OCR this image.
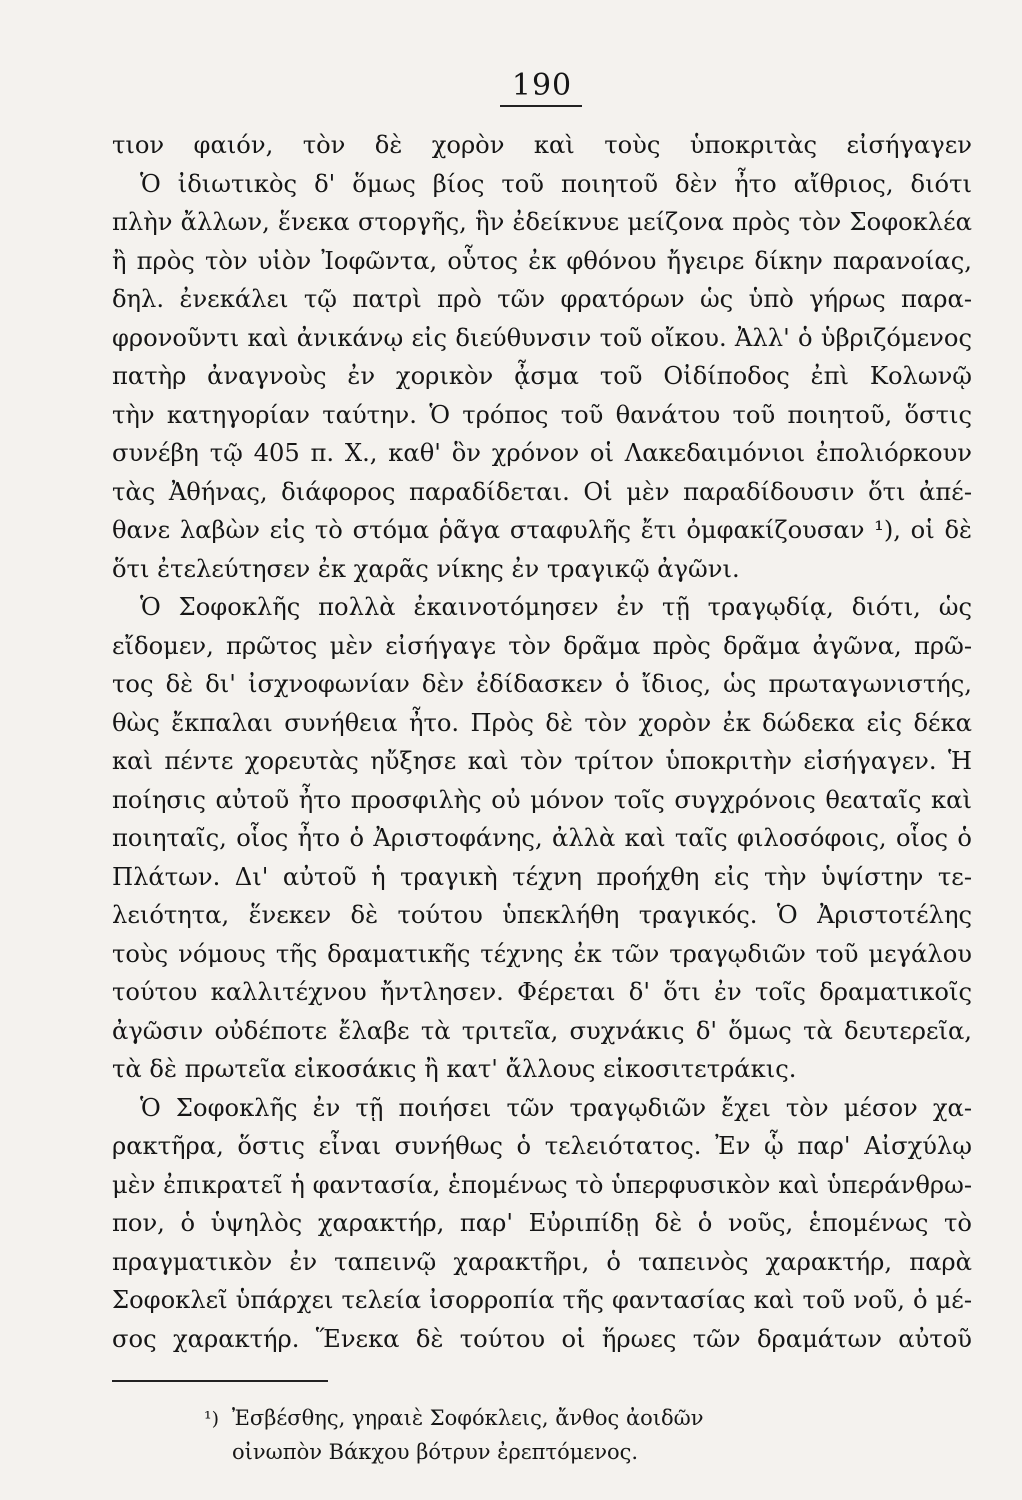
190
τιον φαιόν, τὸν δὲ χορὸν καὶ τοὺς ὑποκριτὰς εἰσήγαγεν
Ὁ ἰδιωτικὸς δ' ὅμως βίος τοῦ ποιητοῦ δὲν ἦτο αἴθριος, διότι
πλὴν ἄλλων, ἕνεκα στοργῆς, ἣν ἐδείκνυε μείζονα πρὸς τὸν Σοφοκλέα
ἢ πρὸς τὸν υἱὸν Ἰοφῶντα, οὗτος ἐκ φθόνου ἤγειρε δίκην παρανοίας,
δηλ. ἐνεκάλει τῷ πατρὶ πρὸ τῶν φρατόρων ὡς ὑπὸ γήρως παρα-
φρονοῦντι καὶ ἀνικάνῳ εἰς διεύθυνσιν τοῦ οἴκου. Ἀλλ' ὁ ὑβριζόμενος
πατὴρ ἀναγνοὺς ἐν χορικὸν ᾆσμα τοῦ Οἰδίποδος ἐπὶ Κολωνῷ
τὴν κατηγορίαν ταύτην. Ὁ τρόπος τοῦ θανάτου τοῦ ποιητοῦ, ὅστις
συνέβη τῷ 405 π. Χ., καθ' ὃν χρόνον οἱ Λακεδαιμόνιοι ἐπολιόρκουν
τὰς Ἀθήνας, διάφορος παραδίδεται. Οἱ μὲν παραδίδουσιν ὅτι ἀπέ-
θανε λαβὼν εἰς τὸ στόμα ῥᾶγα σταφυλῆς ἔτι ὀμφακίζουσαν ¹), οἱ δὲ
ὅτι ἐτελεύτησεν ἐκ χαρᾶς νίκης ἐν τραγικῷ ἀγῶνι.
Ὁ Σοφοκλῆς πολλὰ ἐκαινοτόμησεν ἐν τῇ τραγῳδίᾳ, διότι, ὡς
εἴδομεν, πρῶτος μὲν εἰσήγαγε τὸν δρᾶμα πρὸς δρᾶμα ἀγῶνα, πρῶ-
τος δὲ δι' ἰσχνοφωνίαν δὲν ἐδίδασκεν ὁ ἴδιος, ὡς πρωταγωνιστής,
θὼς ἔκπαλαι συνήθεια ἦτο. Πρὸς δὲ τὸν χορὸν ἐκ δώδεκα εἰς δέκα
καὶ πέντε χορευτὰς ηὔξησε καὶ τὸν τρίτον ὑποκριτὴν εἰσήγαγεν. Ἡ
ποίησις αὐτοῦ ἦτο προσφιλὴς οὐ μόνον τοῖς συγχρόνοις θεαταῖς καὶ
ποιηταῖς, οἷος ἦτο ὁ Ἀριστοφάνης, ἀλλὰ καὶ ταῖς φιλοσόφοις, οἷος ὁ
Πλάτων. Δι' αὐτοῦ ἡ τραγικὴ τέχνη προήχθη εἰς τὴν ὑψίστην τε-
λειότητα, ἕνεκεν δὲ τούτου ὑπεκλήθη τραγικός. Ὁ Ἀριστοτέλης
τοὺς νόμους τῆς δραματικῆς τέχνης ἐκ τῶν τραγῳδιῶν τοῦ μεγάλου
τούτου καλλιτέχνου ἤντλησεν. Φέρεται δ' ὅτι ἐν τοῖς δραματικοῖς
ἀγῶσιν οὐδέποτε ἔλαβε τὰ τριτεῖα, συχνάκις δ' ὅμως τὰ δευτερεῖα,
τὰ δὲ πρωτεῖα εἰκοσάκις ἢ κατ' ἄλλους εἰκοσιτετράκις.
Ὁ Σοφοκλῆς ἐν τῇ ποιήσει τῶν τραγῳδιῶν ἔχει τὸν μέσον χα-
ρακτῆρα, ὅστις εἶναι συνήθως ὁ τελειότατος. Ἐν ᾧ παρ' Αἰσχύλῳ
μὲν ἐπικρατεῖ ἡ φαντασία, ἑπομένως τὸ ὑπερφυσικὸν καὶ ὑπεράνθρω-
πον, ὁ ὑψηλὸς χαρακτήρ, παρ' Εὐριπίδῃ δὲ ὁ νοῦς, ἑπομένως τὸ
πραγματικὸν ἐν ταπεινῷ χαρακτῆρι, ὁ ταπεινὸς χαρακτήρ, παρὰ
Σοφοκλεῖ ὑπάρχει τελεία ἰσορροπία τῆς φαντασίας καὶ τοῦ νοῦ, ὁ μέ-
σος χαρακτήρ. Ἕνεκα δὲ τούτου οἱ ἥρωες τῶν δραμάτων αὐτοῦ
¹) Ἐσβέσθης, γηραιὲ Σοφόκλεις, ἄνθος ἀοιδῶν
οἰνωπὸν Βάκχου βότρυν ἐρεπτόμενος.
